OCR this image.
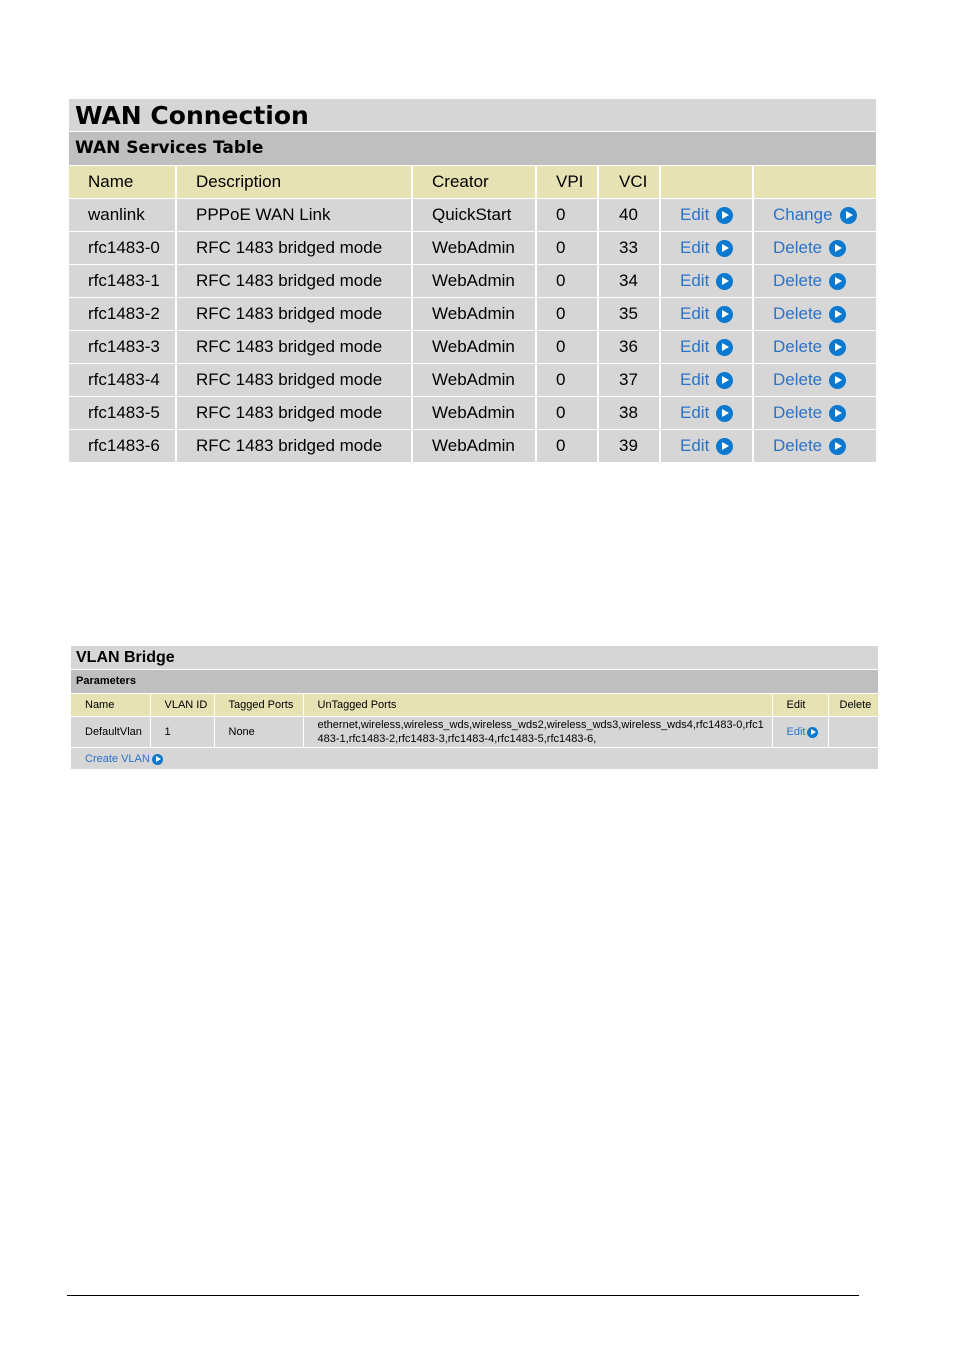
WAN Connection
WAN Services Table
Name	Description	Creator	VPI	VCI		
wanlink	PPPoE WAN Link	QuickStart	0	40	Edit	Change

rfc1483-0	RFC 1483 bridged mode	WebAdmin	0	33	Edit	Delete

rfc1483-1	RFC 1483 bridged mode	WebAdmin	0	34	Edit	Delete

rfc1483-2	RFC 1483 bridged mode	WebAdmin	0	35	Edit	Delete

rfc1483-3	RFC 1483 bridged mode	WebAdmin	0	36	Edit	Delete

rfc1483-4	RFC 1483 bridged mode	WebAdmin	0	37	Edit	Delete

rfc1483-5	RFC 1483 bridged mode	WebAdmin	0	38	Edit	Delete

rfc1483-6	RFC 1483 bridged mode	WebAdmin	0	39	Edit	Delete
VLAN Bridge
Parameters
Name	VLAN ID	Tagged Ports	UnTagged Ports	Edit	Delete
DefaultVlan	1	None	ethernet,wireless,wireless_wds,wireless_wds2,wireless_wds3,wireless_wds4,rfc1483-0,rfc1483-1,rfc1483-2,rfc1483-3,rfc1483-4,rfc1483-5,rfc1483-6,	Edit	

Create VLAN
